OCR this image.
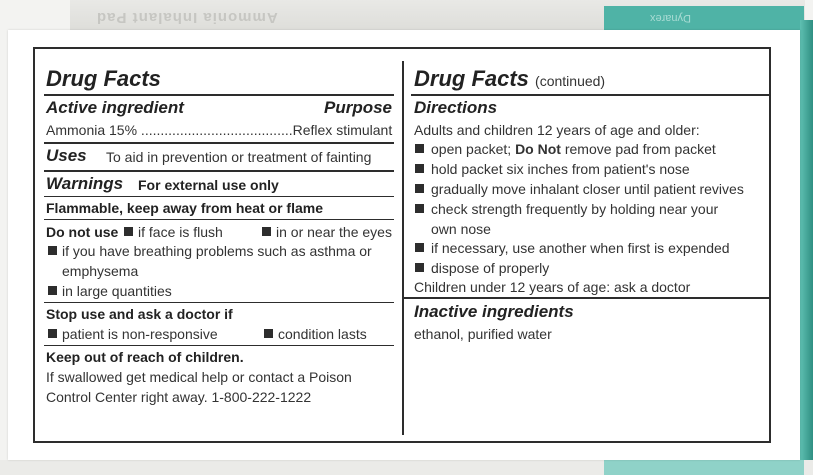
Ammonia Inhalant Pad	Dynarex
Drug Facts
Active ingredient	Purpose
Ammonia 15% .......................................Reflex stimulant
Uses To aid in prevention or treatment of fainting
Warnings For external use only
Flammable, keep away from heat or flame
Do not use if face is flush	in or near the eyes
if you have breathing problems such as asthma or
emphysema
in large quantities
Stop use and ask a doctor if
patient is non-responsive	condition lasts
Keep out of reach of children.
If swallowed get medical help or contact a Poison
Control Center right away. 1-800-222-1222
Drug Facts (continued)
Directions
Adults and children 12 years of age and older:
open packet; Do Not remove pad from packet
hold packet six inches from patient's nose
gradually move inhalant closer until patient revives
check strength frequently by holding near your
own nose
if necessary, use another when first is expended
dispose of properly
Children under 12 years of age: ask a doctor
Inactive ingredients
ethanol, purified water
